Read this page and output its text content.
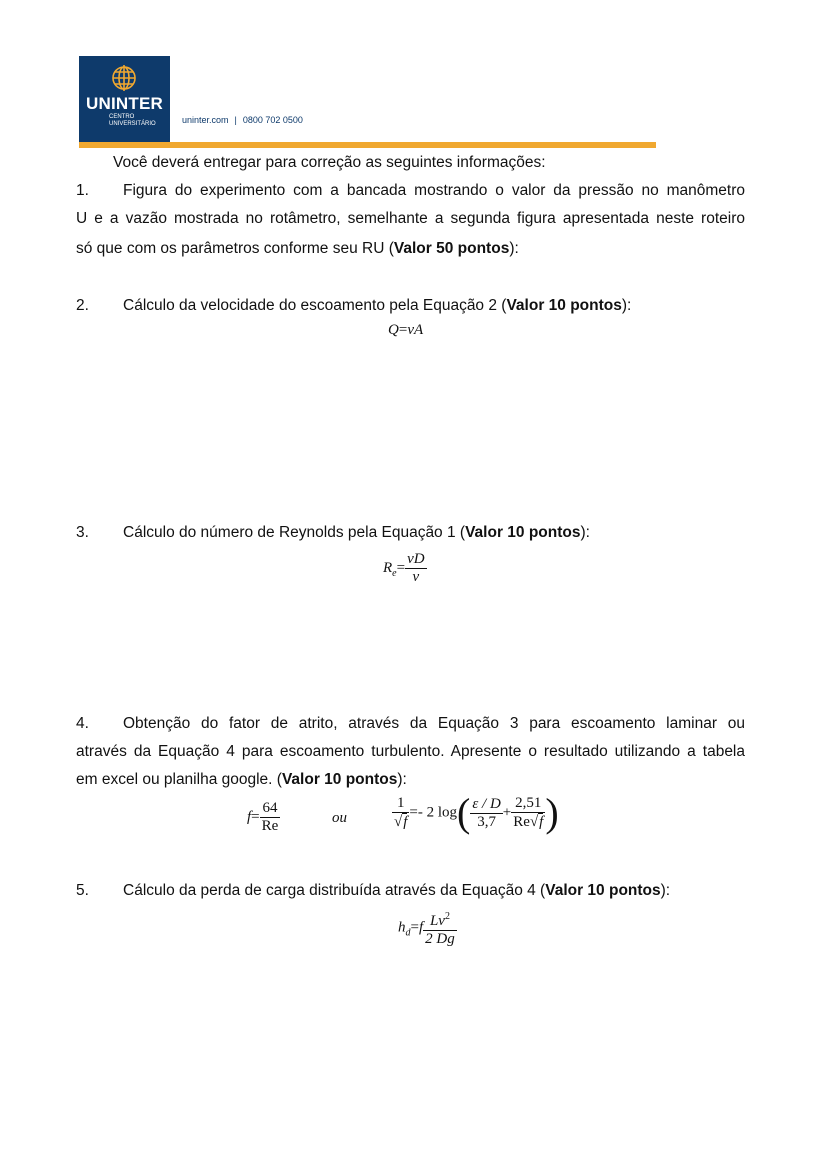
UNINTER
CENTRO
UNIVERSITÁRIO	uninter.com | 0800 702 0500
Você deverá entregar para correção as seguintes informações:
1. Figura do experimento com a bancada mostrando o valor da pressão no manômetro
U e a vazão mostrada no rotâmetro, semelhante a segunda figura apresentada neste roteiro
só que com os parâmetros conforme seu RU (Valor 50 pontos):
2. Cálculo da velocidade do escoamento pela Equação 2 (Valor 10 pontos):
Q=vA
3. Cálculo do número de Reynolds pela Equação 1 (Valor 10 pontos):
$R_e= \frac{vD}{\nu}$
4. Obtenção do fator de atrito, através da Equação 3 para escoamento laminar ou
através da Equação 4 para escoamento turbulento. Apresente o resultado utilizando a tabela
em excel ou planilha google. (Valor 10 pontos):
$f= \frac{64}{Re}$	ou	$\frac{1}{√f} =- 2$ $\log( \frac{\varepsilon / D}{3,7} + \frac{2,51}{Re√f}$ )
5. Cálculo da perda de carga distribuída através da Equação 4 (Valor 10 pontos):
$h_d=f \frac{Lv^2}{2 Dg}$
